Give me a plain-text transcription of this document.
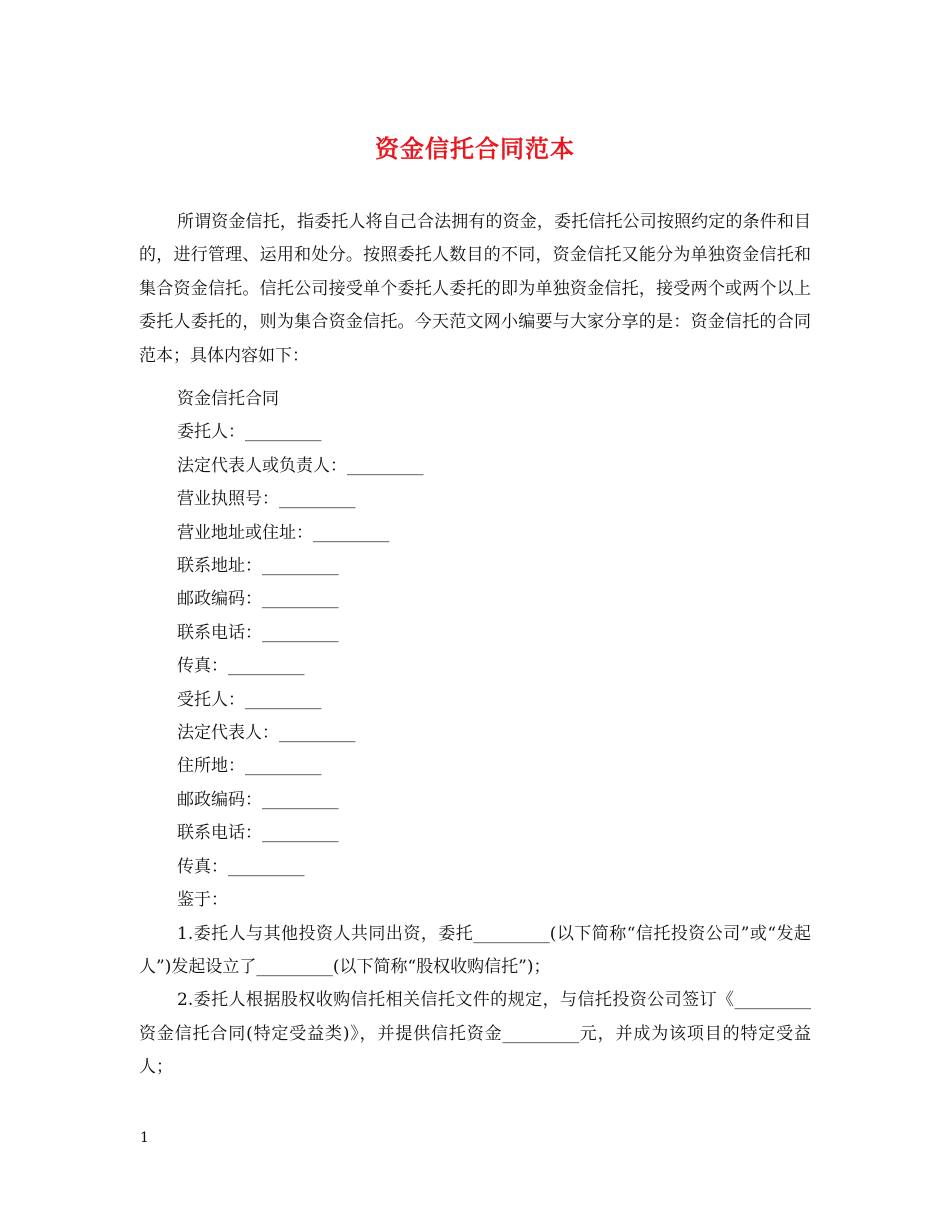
资金信托合同范本

所谓资金信托，指委托人将自己合法拥有的资金，委托信托公司按照约定的条件和目的，进行管理、运用和处分。按照委托人数目的不同，资金信托又能分为单独资金信托和集合资金信托。信托公司接受单个委托人委托的即为单独资金信托，接受两个或两个以上委托人委托的，则为集合资金信托。今天范文网小编要与大家分享的是：资金信托的合同范本；具体内容如下：

资金信托合同
委托人：_________
法定代表人或负责人：_________
营业执照号：_________
营业地址或住址：_________
联系地址：_________
邮政编码：_________
联系电话：_________
传真：_________
受托人：_________
法定代表人：_________
住所地：_________
邮政编码：_________
联系电话：_________
传真：_________
鉴于：

1.委托人与其他投资人共同出资，委托_________(以下简称“信托投资公司”或“发起人”)发起设立了_________(以下简称“股权收购信托”)；

2.委托人根据股权收购信托相关信托文件的规定，与信托投资公司签订《_________资金信托合同(特定受益类)》，并提供信托资金_________元，并成为该项目的特定受益人；

1
